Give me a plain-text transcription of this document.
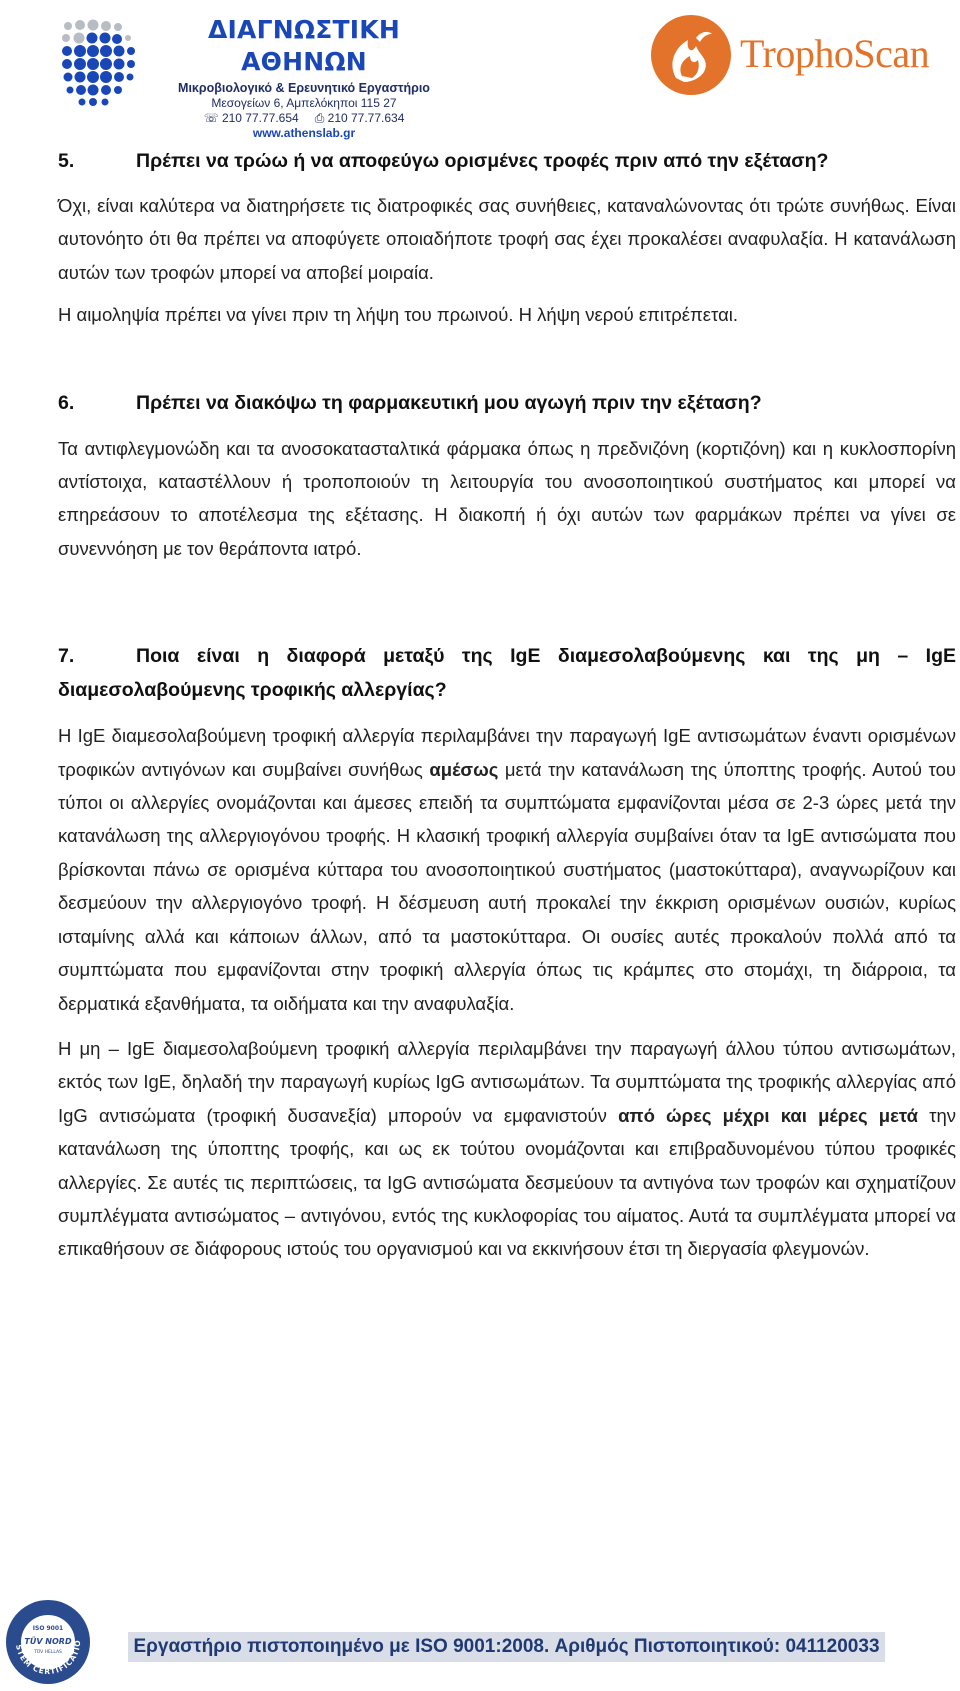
ΔΙΑΓΝΩΣΤΙΚΗ ΑΘΗΝΩΝ
Μικροβιολογικό & Ερευνητικό Εργαστήριο
Μεσογείων 6, Αμπελόκηποι 115 27
☏ 210 77.77.654 ⎙ 210 77.77.634
www.athenslab.gr
TrophoScan
5.	Πρέπει να τρώω ή να αποφεύγω ορισμένες τροφές πριν από την εξέταση?

Όχι, είναι καλύτερα να διατηρήσετε τις διατροφικές σας συνήθειες, καταναλώνοντας ότι τρώτε συνήθως. Είναι αυτονόητο ότι θα πρέπει να αποφύγετε οποιαδήποτε τροφή σας έχει προκαλέσει αναφυλαξία. Η κατανάλωση αυτών των τροφών μπορεί να αποβεί μοιραία.

Η αιμοληψία πρέπει να γίνει πριν τη λήψη του πρωινού. Η λήψη νερού επιτρέπεται.

6.	Πρέπει να διακόψω τη φαρμακευτική μου αγωγή πριν την εξέταση?

Τα αντιφλεγμονώδη και τα ανοσοκατασταλτικά φάρμακα όπως η πρεδνιζόνη (κορτιζόνη) και η κυκλοσπορίνη αντίστοιχα, καταστέλλουν ή τροποποιούν τη λειτουργία του ανοσοποιητικού συστήματος και μπορεί να επηρεάσουν το αποτέλεσμα της εξέτασης. Η διακοπή ή όχι αυτών των φαρμάκων πρέπει να γίνει σε συνεννόηση με τον θεράποντα ιατρό.

7.	Ποια είναι η διαφορά μεταξύ της IgE διαμεσολαβούμενης και της μη – IgE διαμεσολαβούμενης τροφικής αλλεργίας?

Η IgE διαμεσολαβούμενη τροφική αλλεργία περιλαμβάνει την παραγωγή IgE αντισωμάτων έναντι ορισμένων τροφικών αντιγόνων και συμβαίνει συνήθως αμέσως μετά την κατανάλωση της ύποπτης τροφής. Αυτού του τύποι οι αλλεργίες ονομάζονται και άμεσες επειδή τα συμπτώματα εμφανίζονται μέσα σε 2-3 ώρες μετά την κατανάλωση της αλλεργιογόνου τροφής. Η κλασική τροφική αλλεργία συμβαίνει όταν τα IgE αντισώματα που βρίσκονται πάνω σε ορισμένα κύτταρα του ανοσοποιητικού συστήματος (μαστοκύτταρα), αναγνωρίζουν και δεσμεύουν την αλλεργιογόνο τροφή. Η δέσμευση αυτή προκαλεί την έκκριση ορισμένων ουσιών, κυρίως ισταμίνης αλλά και κάποιων άλλων, από τα μαστοκύτταρα. Οι ουσίες αυτές προκαλούν πολλά από τα συμπτώματα που εμφανίζονται στην τροφική αλλεργία όπως τις κράμπες στο στομάχι, τη διάρροια, τα δερματικά εξανθήματα, τα οιδήματα και την αναφυλαξία.

Η μη – IgE διαμεσολαβούμενη τροφική αλλεργία περιλαμβάνει την παραγωγή άλλου τύπου αντισωμάτων, εκτός των IgE, δηλαδή την παραγωγή κυρίως IgG αντισωμάτων. Τα συμπτώματα της τροφικής αλλεργίας από IgG αντισώματα (τροφική δυσανεξία) μπορούν να εμφανιστούν από ώρες μέχρι και μέρες μετά την κατανάλωση της ύποπτης τροφής, και ως εκ τούτου ονομάζονται και επιβραδυνομένου τύπου τροφικές αλλεργίες. Σε αυτές τις περιπτώσεις, τα IgG αντισώματα δεσμεύουν τα αντιγόνα των τροφών και σχηματίζουν συμπλέγματα αντισώματος – αντιγόνου, εντός της κυκλοφορίας του αίματος. Αυτά τα συμπλέγματα μπορεί να επικαθήσουν σε διάφορους ιστούς του οργανισμού και να εκκινήσουν έτσι τη διεργασία φλεγμονών.

STEM CERTIFICATIO
ISO 9001
TÜV NORD
TÜV HELLAS	Εργαστήριο πιστοποιημένο με ISO 9001:2008. Αριθμός Πιστοποιητικού: 041120033
